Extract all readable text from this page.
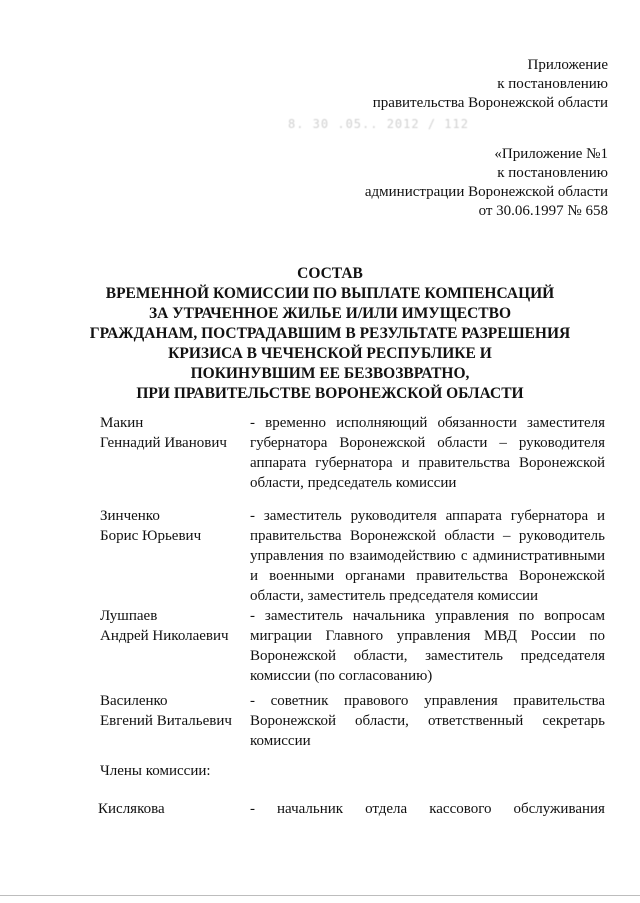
Приложение
к постановлению
правительства Воронежской области
8. 30 .05.. 2012 / 112
«Приложение №1
к постановлению
администрации Воронежской области
от 30.06.1997 № 658
СОСТАВ
ВРЕМЕННОЙ КОМИССИИ ПО ВЫПЛАТЕ КОМПЕНСАЦИЙ
ЗА УТРАЧЕННОЕ ЖИЛЬЕ И/ИЛИ ИМУЩЕСТВО
ГРАЖДАНАМ, ПОСТРАДАВШИМ В РЕЗУЛЬТАТЕ РАЗРЕШЕНИЯ
КРИЗИСА В ЧЕЧЕНСКОЙ РЕСПУБЛИКЕ И
ПОКИНУВШИМ ЕЕ БЕЗВОЗВРАТНО,
ПРИ ПРАВИТЕЛЬСТВЕ ВОРОНЕЖСКОЙ ОБЛАСТИ
Макин
Геннадий Иванович
- временно исполняющий обязанности заместителя губернатора Воронежской области – руководителя аппарата губернатора и правительства Воронежской области, председатель комиссии
Зинченко
Борис Юрьевич
- заместитель руководителя аппарата губернатора и правительства Воронежской области – руководитель управления по взаимодействию с административными и военными органами правительства Воронежской области, заместитель председателя комиссии
Лушпаев
Андрей Николаевич
- заместитель начальника управления по вопросам миграции Главного управления МВД России по Воронежской области, заместитель председателя комиссии (по согласованию)
Василенко
Евгений Витальевич
- советник правового управления правительства Воронежской области, ответственный секретарь комиссии
Члены комиссии:
Кислякова	- начальник отдела кассового обслуживания
